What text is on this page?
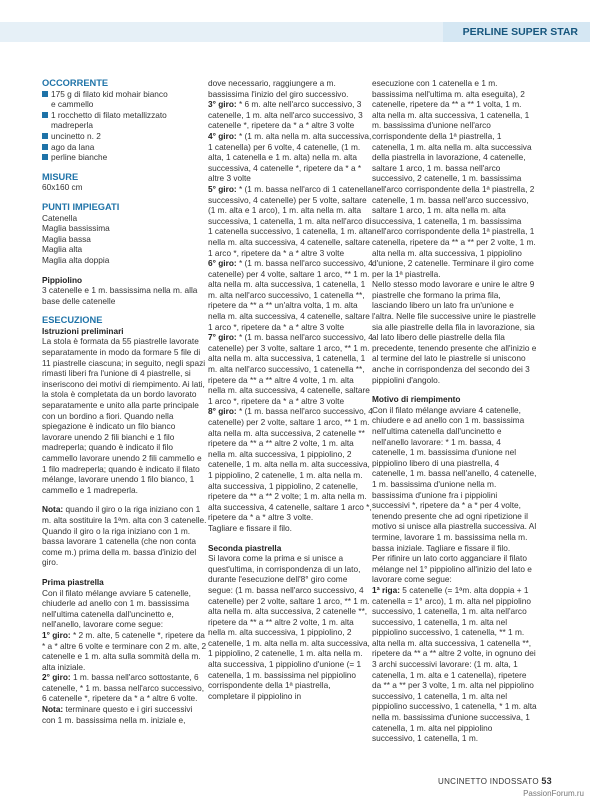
PERLINE SUPER STAR

OCCORRENTE

175 g di filato kid mohair bianco
e cammello
1 rocchetto di filato metallizzato
madreperla
uncinetto n. 2
ago da lana
perline bianche

MISURE

60x160 cm

PUNTI IMPIEGATI

Catenella

Maglia bassissima

Maglia bassa

Maglia alta

Maglia alta doppia

Pippiolino

3 catenelle e 1 m. bassissima nella m. alla base delle catenelle

ESECUZIONE

Istruzioni preliminari

La stola è formata da 55 piastrelle lavorate separatamente in modo da formare 5 file di 11 piastrelle ciascuna; in seguito, negli spazi rimasti liberi fra l'unione di 4 piastrelle, si inseriscono dei motivi di riempimento. Ai lati, la stola è completata da un bordo lavorato separatamente e unito alla parte principale con un bordino a fiori. Quando nella spiegazione è indicato un filo bianco lavorare unendo 2 fili bianchi e 1 filo madreperla; quando è indicato il filo cammello lavorare unendo 2 fili cammello e 1 filo madreperla; quando è indicato il filato mélange, lavorare unendo 1 filo bianco, 1 cammello e 1 madreperla.

Nota: quando il giro o la riga iniziano con 1 m. alta sostituire la 1ªm. alta con 3 catenelle. Quando il giro o la riga iniziano con 1 m. bassa lavorare 1 catenella (che non conta come m.) prima della m. bassa d'inizio del giro.

Prima piastrella

Con il filato mélange avviare 5 catenelle, chiuderle ad anello con 1 m. bassissima nell'ultima catenella dall'uncinetto e, nell'anello, lavorare come segue:

1° giro: * 2 m. alte, 5 catenelle *, ripetere da * a * altre 6 volte e terminare con 2 m. alte, 2 catenelle e 1 m. alta sulla sommità della m. alta iniziale.

2° giro: 1 m. bassa nell'arco sottostante, 6 catenelle, * 1 m. bassa nell'arco successivo, 6 catenelle *, ripetere da * a * altre 6 volte.

Nota: terminare questo e i giri successivi con 1 m. bassissima nella m. iniziale e,

dove necessario, raggiungere a m. bassissima l'inizio del giro successivo.

3° giro: * 6 m. alte nell'arco successivo, 3 catenelle, 1 m. alta nell'arco successivo, 3 catenelle *, ripetere da * a * altre 3 volte

4° giro: * (1 m. alta nella m. alta successiva, 1 catenella) per 6 volte, 4 catenelle, (1 m. alta, 1 catenella e 1 m. alta) nella m. alta successiva, 4 catenelle *, ripetere da * a * altre 3 volte

5° giro: * (1 m. bassa nell'arco di 1 catenella successivo, 4 catenelle) per 5 volte, saltare (1 m. alta e 1 arco), 1 m. alta nella m. alta successiva, 1 catenella, 1 m. alta nell'arco di 1 catenella successivo, 1 catenella, 1 m. alta nella m. alta successiva, 4 catenelle, saltare 1 arco *, ripetere da * a * altre 3 volte

6° giro: * (1 m. bassa nell'arco successivo, 4 catenelle) per 4 volte, saltare 1 arco, ** 1 m. alta nella m. alta successiva, 1 catenella, 1 m. alta nell'arco successivo, 1 catenella **, ripetere da ** a ** un'altra volta, 1 m. alta nella m. alta successiva, 4 catenelle, saltare 1 arco *, ripetere da * a * altre 3 volte

7° giro: * (1 m. bassa nell'arco successivo, 4 catenelle) per 3 volte, saltare 1 arco, ** 1 m. alta nella m. alta successiva, 1 catenella, 1 m. alta nell'arco successivo, 1 catenella **, ripetere da ** a ** altre 4 volte, 1 m. alta nella m. alta successiva, 4 catenelle, saltare 1 arco *, ripetere da * a * altre 3 volte

8° giro: * (1 m. bassa nell'arco successivo, 4 catenelle) per 2 volte, saltare 1 arco, ** 1 m. alta nella m. alta successiva, 2 catenelle ** ripetere da ** a ** altre 2 volte, 1 m. alta nella m. alta successiva, 1 pippiolino, 2 catenelle, 1 m. alta nella m. alta successiva, 1 pippiolino, 2 catenelle, 1 m. alta nella m. alta successiva, 1 pippiolino, 2 catenelle, ripetere da ** a ** 2 volte; 1 m. alta nella m. alta successiva, 4 catenelle, saltare 1 arco *, ripetere da * a * altre 3 volte.

Tagliare e fissare il filo.

Seconda piastrella

Si lavora come la prima e si unisce a quest'ultima, in corrispondenza di un lato, durante l'esecuzione dell'8° giro come segue: (1 m. bassa nell'arco successivo, 4 catenelle) per 2 volte, saltare 1 arco, ** 1 m. alta nella m. alta successiva, 2 catenelle **, ripetere da ** a ** altre 2 volte, 1 m. alta nella m. alta successiva, 1 pippiolino, 2 catenelle, 1 m. alta nella m. alta successiva, 1 pippiolino, 2 catenelle, 1 m. alta nella m. alta successiva, 1 pippiolino d'unione (= 1 catenella, 1 m. bassissima nel pippiolino corrispondente della 1ª piastrella, completare il pippiolino in

esecuzione con 1 catenella e 1 m. bassissima nell'ultima m. alta eseguita), 2 catenelle, ripetere da ** a ** 1 volta, 1 m. alta nella m. alta successiva, 1 catenella, 1 m. bassissima d'unione nell'arco corrispondente della 1ª piastrella, 1 catenella, 1 m. alta nella m. alta successiva della piastrella in lavorazione, 4 catenelle, saltare 1 arco, 1 m. bassa nell'arco successivo, 2 catenelle, 1 m. bassissima nell'arco corrispondente della 1ª piastrella, 2 catenelle, 1 m. bassa nell'arco successivo, saltare 1 arco, 1 m. alta nella m. alta successiva, 1 catenella, 1 m. bassissima nell'arco corrispondente della 1ª piastrella, 1 catenella, ripetere da ** a ** per 2 volte, 1 m. alta nella m. alta successiva, 1 pippiolino d'unione, 2 catenelle. Terminare il giro come per la 1ª piastrella.

Nello stesso modo lavorare e unire le altre 9 piastrelle che formano la prima fila, lasciando libero un lato fra un'unione e l'altra. Nelle file successive unire le piastrelle sia alle piastrelle della fila in lavorazione, sia al lato libero delle piastrelle della fila precedente, tenendo presente che all'inizio e al termine del lato le piastrelle si uniscono anche in corrispondenza del secondo dei 3 pippiolini d'angolo.

Motivo di riempimento

Con il filato mélange avviare 4 catenelle, chiudere e ad anello con 1 m. bassissima nell'ultima catenella dall'uncinetto e nell'anello lavorare: * 1 m. bassa, 4 catenelle, 1 m. bassissima d'unione nel pippiolino libero di una piastrella, 4 catenelle, 1 m. bassa nell'anello, 4 catenelle, 1 m. bassissima d'unione nella m. bassissima d'unione fra i pippiolini successivi *, ripetere da * a * per 4 volte, tenendo presente che ad ogni ripetizione il motivo si unisce alla piastrella successiva. Al termine, lavorare 1 m. bassissima nella m. bassa iniziale. Tagliare e fissare il filo.

Per rifinire un lato corto agganciare il filato mélange nel 1° pippiolino all'inizio del lato e lavorare come segue:

1ª riga: 5 catenelle (= 1ªm. alta doppia + 1 catenella = 1° arco), 1 m. alta nel pippiolino successivo, 1 catenella, 1 m. alta nell'arco successivo, 1 catenella, 1 m. alta nel pippiolino successivo, 1 catenella, ** 1 m. alta nella m. alta successiva, 1 catenella **, ripetere da ** a ** altre 2 volte, in ognuno dei 3 archi successivi lavorare: (1 m. alta, 1 catenella, 1 m. alta e 1 catenella), ripetere da ** a ** per 3 volte, 1 m. alta nel pippiolino successivo, 1 catenella, 1 m. alta nel pippiolino successivo, 1 catenella, * 1 m. alta nella m. bassissima d'unione successiva, 1 catenella, 1 m. alta nel pippiolino successivo, 1 catenella, 1 m.

UNCINETTO INDOSSATO 53
PassionForum.ru
